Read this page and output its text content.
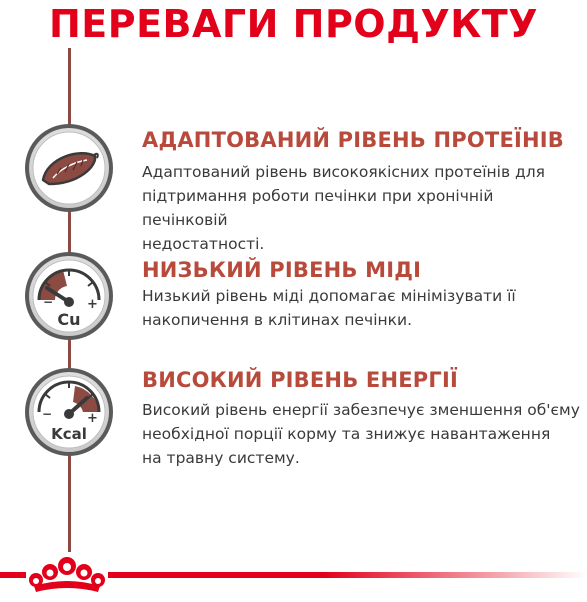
ПЕРЕВАГИ ПРОДУКТУ
АДАПТОВАНИЙ РІВЕНЬ ПРОТЕЇНІВ
Адаптований рівень високоякісних протеїнів для
підтримання роботи печінки при хронічній печінковій
недостатності.
−	+
Cu
НИЗЬКИЙ РІВЕНЬ МІДІ
Низький рівень міді допомагає мінімізувати її
накопичення в клітинах печінки.
−	+
Kcal
ВИСОКИЙ РІВЕНЬ ЕНЕРГІЇ
Високий рівень енергії забезпечує зменшення об'єму
необхідної порції корму та знижує навантаження
на травну систему.
